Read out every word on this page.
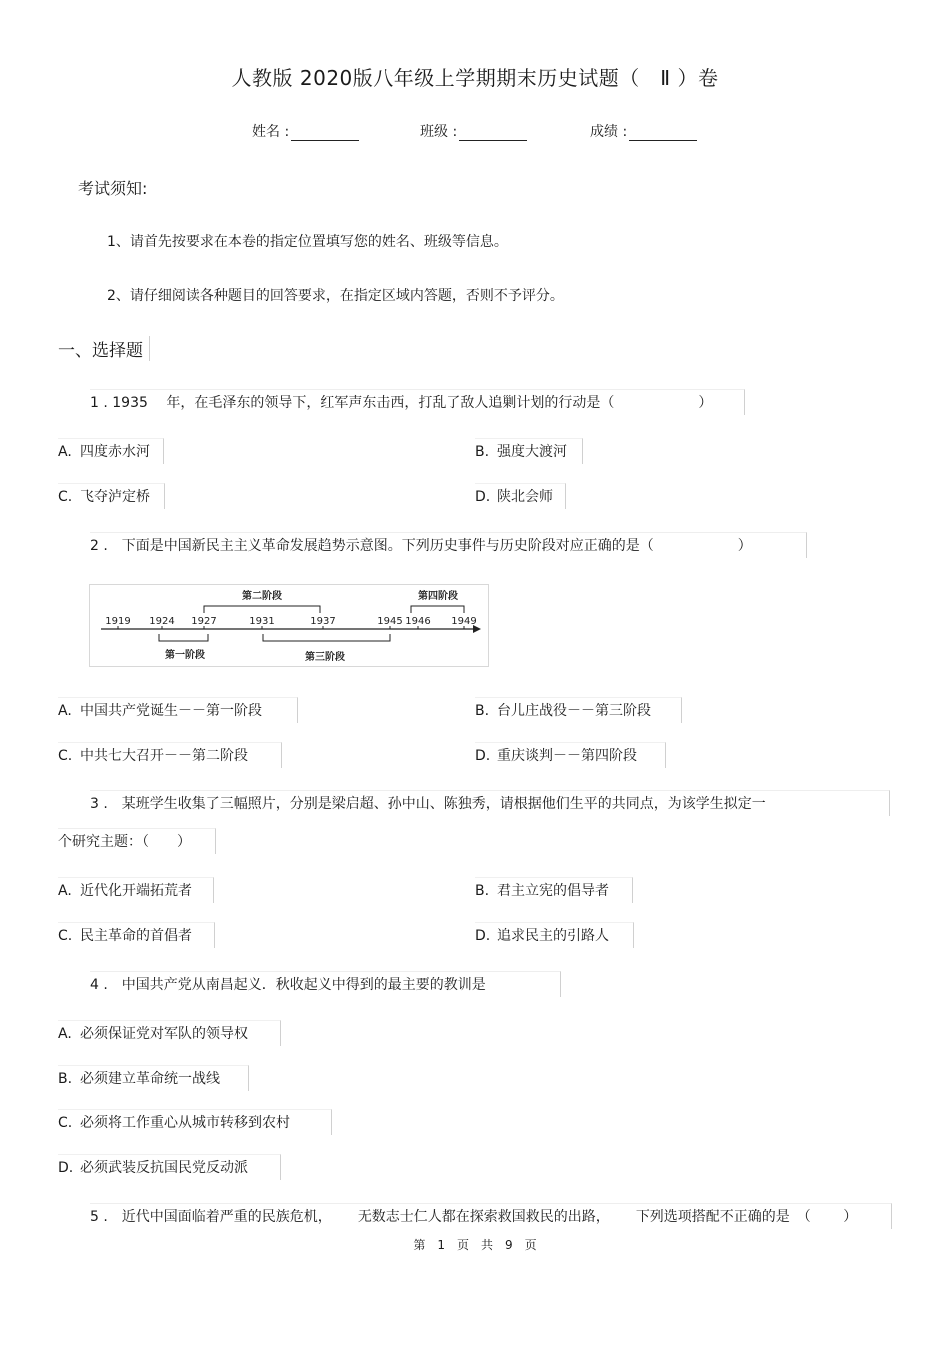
人教版 2020版八年级上学期期末历史试题（　Ⅱ ）卷
姓名 :	班级 :	成绩 :
考试须知:
1、请首先按要求在本卷的指定位置填写您的姓名、班级等信息。
2、请仔细阅读各种题目的回答要求，在指定区域内答题，否则不予评分。
一、选择题
1 . 1935　 年，在毛泽东的领导下，红军声东击西，打乱了敌人追剿计划的行动是（　　　　　　）
A. 四度赤水河	B. 强度大渡河
C. 飞夺泸定桥	D. 陕北会师
2 .　下面是中国新民主主义革命发展趋势示意图。下列历史事件与历史阶段对应正确的是（　　　　　　）
1919 1924 1927	1931	1937	1945 1946 1949
第二阶段	第四阶段
第一阶段	第三阶段
A. 中国共产党诞生－－第一阶段	B. 台儿庄战役－－第三阶段
C. 中共七大召开－－第二阶段	D. 重庆谈判－－第四阶段
3 .　某班学生收集了三幅照片，分别是梁启超、孙中山、陈独秀，请根据他们生平的共同点，为该学生拟定一
个研究主题：（　　）
A. 近代化开端拓荒者	B. 君主立宪的倡导者
C. 民主革命的首倡者	D. 追求民主的引路人
4 .　中国共产党从南昌起义．秋收起义中得到的最主要的教训是
A. 必须保证党对军队的领导权
B. 必须建立革命统一战线
C. 必须将工作重心从城市转移到农村
D. 必须武装反抗国民党反动派
5 .　近代中国面临着严重的民族危机， 无数志士仁人都在探索救国救民的出路， 下列选项搭配不正确的是　（　　 ）
第　1　页　共　9　页
